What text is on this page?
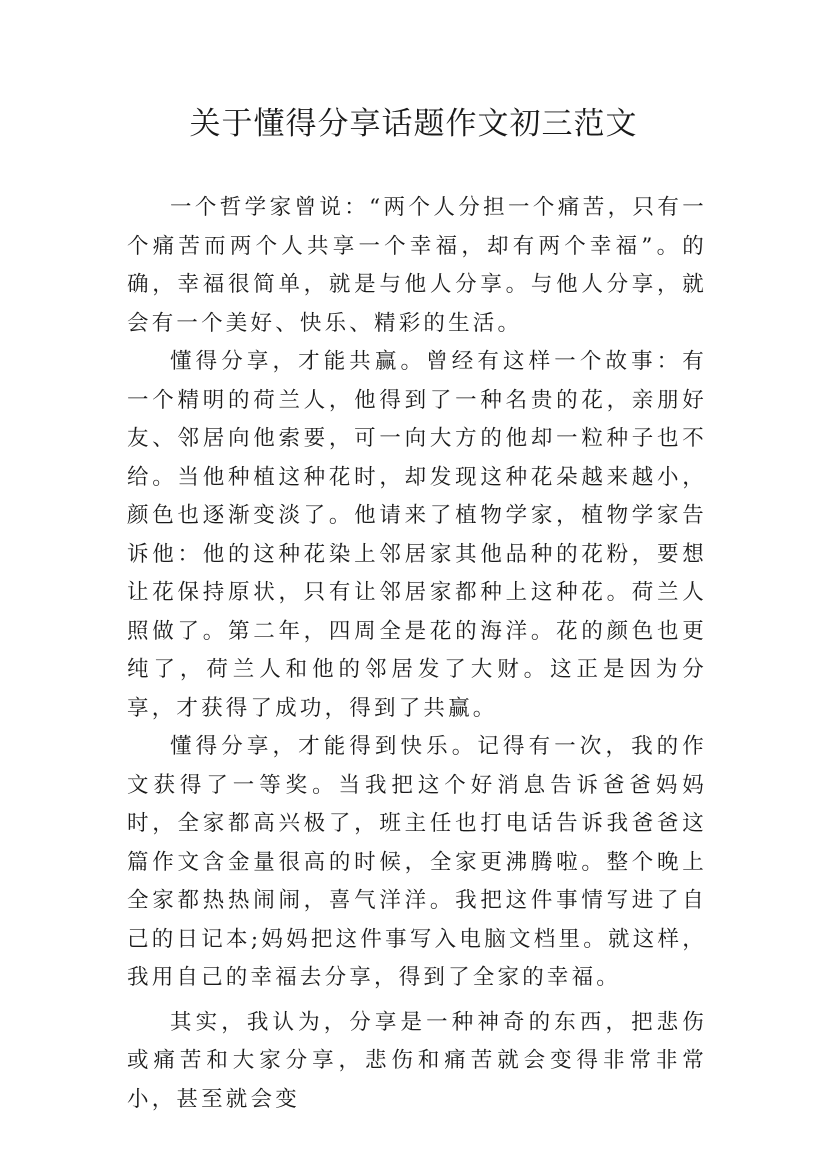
关于懂得分享话题作文初三范文

一个哲学家曾说：“两个人分担一个痛苦，只有一个痛苦而两个人共享一个幸福，却有两个幸福”。的确，幸福很简单，就是与他人分享。与他人分享，就会有一个美好、快乐、精彩的生活。

懂得分享，才能共赢。曾经有这样一个故事：有一个精明的荷兰人，他得到了一种名贵的花，亲朋好友、邻居向他索要，可一向大方的他却一粒种子也不给。当他种植这种花时，却发现这种花朵越来越小，颜色也逐渐变淡了。他请来了植物学家，植物学家告诉他：他的这种花染上邻居家其他品种的花粉，要想让花保持原状，只有让邻居家都种上这种花。荷兰人照做了。第二年，四周全是花的海洋。花的颜色也更纯了，荷兰人和他的邻居发了大财。这正是因为分享，才获得了成功，得到了共赢。

懂得分享，才能得到快乐。记得有一次，我的作文获得了一等奖。当我把这个好消息告诉爸爸妈妈时，全家都高兴极了，班主任也打电话告诉我爸爸这篇作文含金量很高的时候，全家更沸腾啦。整个晚上全家都热热闹闹，喜气洋洋。我把这件事情写进了自己的日记本;妈妈把这件事写入电脑文档里。就这样，我用自己的幸福去分享，得到了全家的幸福。

其实，我认为，分享是一种神奇的东西，把悲伤或痛苦和大家分享，悲伤和痛苦就会变得非常非常小，甚至就会变
